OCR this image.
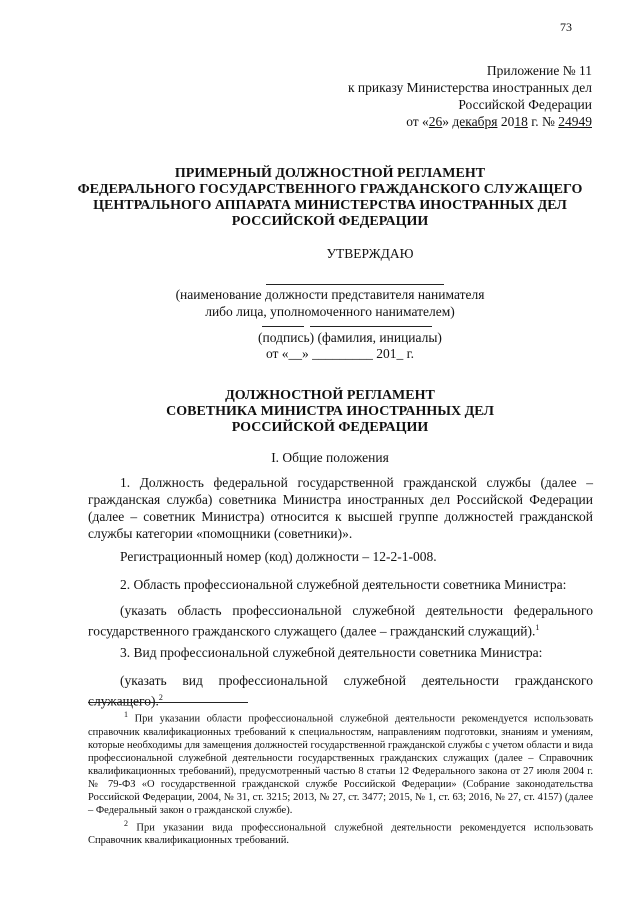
73
Приложение № 11
к приказу Министерства иностранных дел
Российской Федерации
от «26» декабря 2018 г. № 24949
ПРИМЕРНЫЙ ДОЛЖНОСТНОЙ РЕГЛАМЕНТ
ФЕДЕРАЛЬНОГО ГОСУДАРСТВЕННОГО ГРАЖДАНСКОГО СЛУЖАЩЕГО
ЦЕНТРАЛЬНОГО АППАРАТА МИНИСТЕРСТВА ИНОСТРАННЫХ ДЕЛ
РОССИЙСКОЙ ФЕДЕРАЦИИ
УТВЕРЖДАЮ
(наименование должности представителя нанимателя
либо лица, уполномоченного нанимателем)
(подпись) (фамилия, инициалы)
от «__» _________ 201_ г.
ДОЛЖНОСТНОЙ РЕГЛАМЕНТ
СОВЕТНИКА МИНИСТРА ИНОСТРАННЫХ ДЕЛ
РОССИЙСКОЙ ФЕДЕРАЦИИ
I. Общие положения
1. Должность федеральной государственной гражданской службы (далее – гражданская служба) советника Министра иностранных дел Российской Федерации (далее – советник Министра) относится к высшей группе должностей гражданской службы категории «помощники (советники)».
Регистрационный номер (код) должности – 12-2-1-008.
2. Область профессиональной служебной деятельности советника Министра:
(указать область профессиональной служебной деятельности федерального государственного гражданского служащего (далее – гражданский служащий).$^1$
3. Вид профессиональной служебной деятельности советника Министра:
(указать вид профессиональной служебной деятельности гражданского служащего).$^2$

$^1$ При указании области профессиональной служебной деятельности рекомендуется использовать справочник квалификационных требований к специальностям, направлениям подготовки, знаниям и умениям, которые необходимы для замещения должностей государственной гражданской службы с учетом области и вида профессиональной служебной деятельности государственных гражданских служащих (далее – Справочник квалификационных требований), предусмотренный частью 8 статьи 12 Федерального закона от 27 июля 2004 г. № 79-ФЗ «О государственной гражданской службе Российской Федерации» (Собрание законодательства Российской Федерации, 2004, № 31, ст. 3215; 2013, № 27, ст. 3477; 2015, № 1, ст. 63; 2016, № 27, ст. 4157) (далее – Федеральный закон о гражданской службе).

$^2$ При указании вида профессиональной служебной деятельности рекомендуется использовать Справочник квалификационных требований.
